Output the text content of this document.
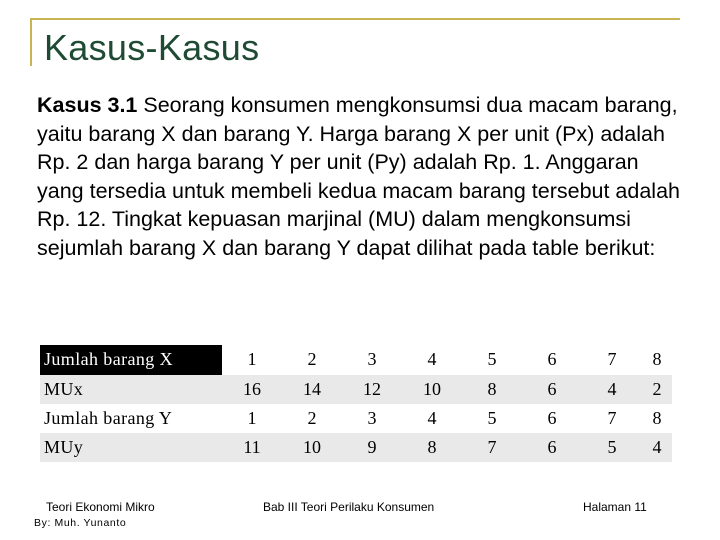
Kasus-Kasus
Kasus 3.1 Seorang konsumen mengkonsumsi dua macam barang, yaitu barang X dan barang Y. Harga barang X per unit (Px) adalah Rp. 2 dan harga barang Y per unit (Py) adalah Rp. 1. Anggaran yang tersedia untuk membeli kedua macam barang tersebut adalah Rp. 12. Tingkat kepuasan marjinal (MU) dalam mengkonsumsi sejumlah barang X dan barang Y dapat dilihat pada table berikut:
Jumlah barang X	1	2	3	4	5	6	7	8
MUx	16	14	12	10	8	6	4	2
Jumlah barang Y	1	2	3	4	5	6	7	8
MUy	11	10	9	8	7	6	5	4
Teori Ekonomi Mikro
By: Muh. Yunanto
Bab III Teori Perilaku Konsumen	Halaman 11
